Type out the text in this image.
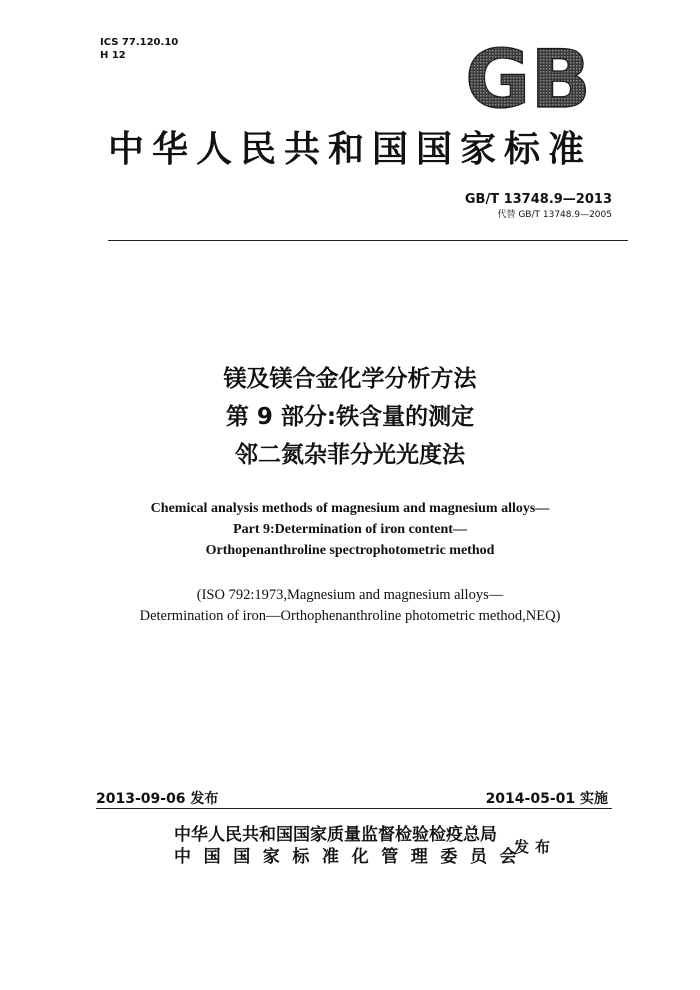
ICS 77.120.10
H 12	GB
中华人民共和国国家标准
GB/T 13748.9—2013
代替 GB/T 13748.9—2005
镁及镁合金化学分析方法
第 9 部分:铁含量的测定
邻二氮杂菲分光光度法
Chemical analysis methods of magnesium and magnesium alloys—
Part 9:Determination of iron content—
Orthopenanthroline spectrophotometric method
(ISO 792:1973,Magnesium and magnesium alloys—
Determination of iron—Orthophenanthroline photometric method,NEQ)
2013-09-06 发布	2014-05-01 实施
中华人民共和国国家质量监督检验检疫总局
中国国家标准化管理委员会
发布
